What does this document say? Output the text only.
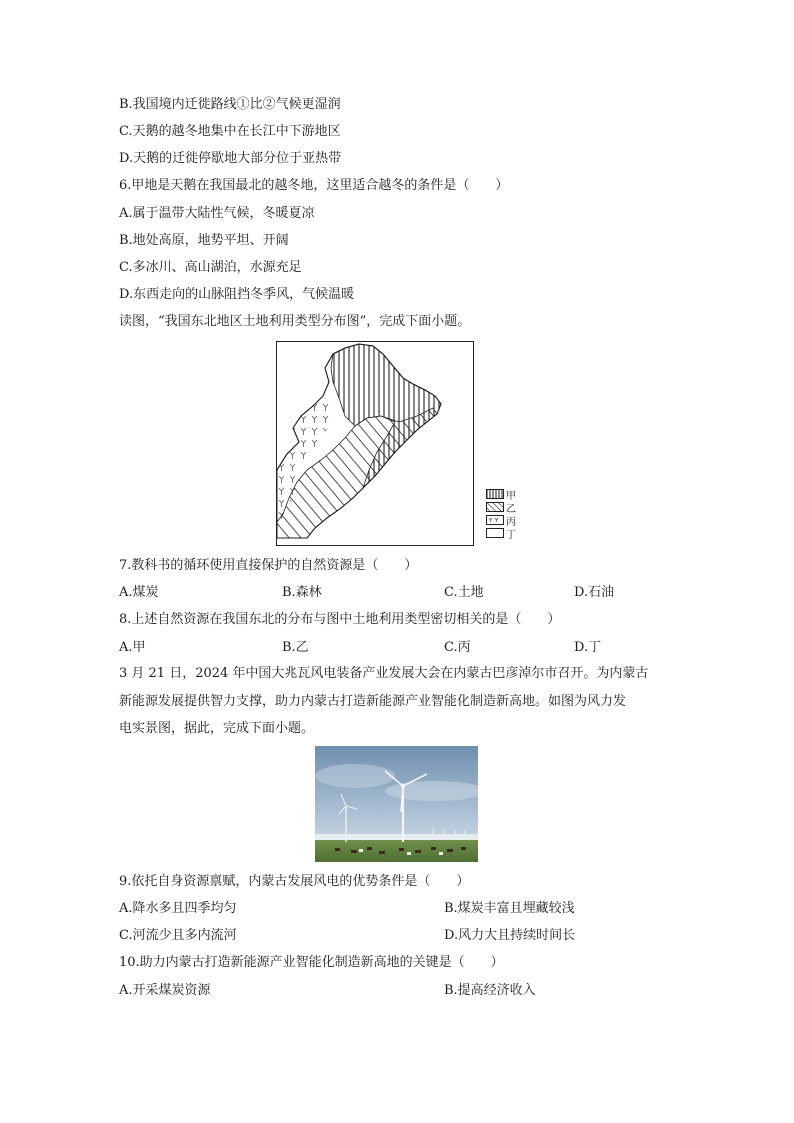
B.我国境内迁徙路线①比②气候更湿润
C.天鹅的越冬地集中在长江中下游地区
D.天鹅的迁徙停歇地大部分位于亚热带
6.甲地是天鹅在我国最北的越冬地，这里适合越冬的条件是（　　）
A.属于温带大陆性气候，冬暖夏凉
B.地处高原，地势平坦、开阔
C.多冰川、高山湖泊，水源充足
D.东西走向的山脉阻挡冬季风，气候温暖
读图，“我国东北地区土地利用类型分布图”，完成下面小题。
甲
乙
丙
丁
7.教科书的循环使用直接保护的自然资源是（　　）
A.煤炭	B.森林	C.土地	D.石油
8.上述自然资源在我国东北的分布与图中土地利用类型密切相关的是（　　）
A.甲	B.乙	C.丙	D.丁
3 月 21 日，2024 年中国大兆瓦风电装备产业发展大会在内蒙古巴彦淖尔市召开。为内蒙古
新能源发展提供智力支撑，助力内蒙古打造新能源产业智能化制造新高地。如图为风力发
电实景图，据此，完成下面小题。
9.依托自身资源禀赋，内蒙古发展风电的优势条件是（　　）
A.降水多且四季均匀	B.煤炭丰富且埋藏较浅
C.河流少且多内流河	D.风力大且持续时间长
10.助力内蒙古打造新能源产业智能化制造新高地的关键是（　　）
A.开采煤炭资源	B.提高经济收入
